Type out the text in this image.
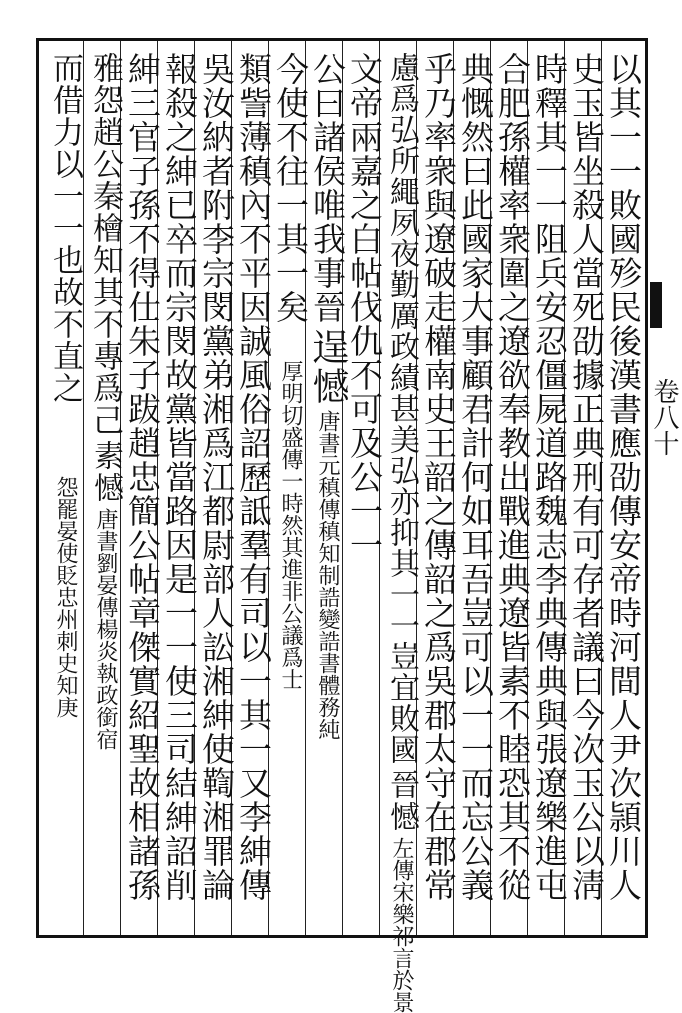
卷八十
以其一一敗國殄民後漢書應劭傳安帝時河間人尹次頴川人
史玉皆坐殺人當死劭據正典刑有可存者議曰今次玉公以淸
時釋其一一阻兵安忍僵屍道路魏志李典傳典與張遼樂進屯
合肥孫權率衆圍之遼欲奉教出戰進典遼皆素不睦恐其不從
典慨然曰此國家大事顧君計何如耳吾豈可以一一而忘公義
乎乃率衆與遼破走權南史王韶之傳韶之爲吳郡太守在郡常
慮爲弘所繩夙夜勤厲政績甚美弘亦抑其一一豈宜敗國
晉憾
左傳宋樂祁言於景
文帝兩嘉之白帖伐仇不可及公一一
公曰諸侯唯我事晉
逞憾
唐書元稹傳稹知制誥變誥書體務純
今使不往一其一矣
厚明切盛傳一時然其進非公議爲士
類訾薄稹內不平因誠風俗詔歷詆羣有司以一其一又李紳傳
吳汝納者附李宗閔黨弟湘爲江都尉部人訟湘紳使鞫湘罪論
報殺之紳已卒而宗閔故黨皆當路因是一一使三司結紳詔削
紳三官子孫不得仕朱子跋趙忠簡公帖章傑實紹聖故相諸孫
雅怨趙公秦檜知其不專爲己
素憾
唐書劉晏傳楊炎執政銜宿
而借力以一一也故不直之
怨罷晏使貶忠州刺史知庚
